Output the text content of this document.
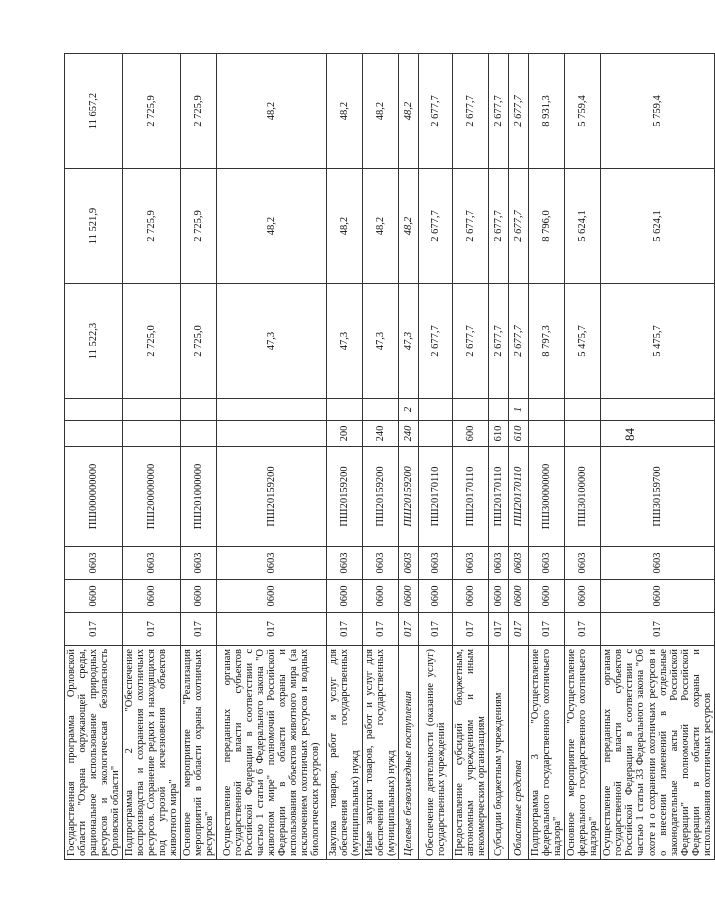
84
Государственная программа Орловской области "Охрана окружающей среды, рациональное использование природных ресурсов и экологическая безопасность Орловской области"	017	0600	0603	ПШ000000000			11 522,3	11 521,9	11 657,2
Подпрограмма 2 "Обеспечение воспроизводства и сохранения охотничьих ресурсов. Сохранение редких и находящихся под угрозой исчезновения объектов животного мира"	017	0600	0603	ПШ200000000			2 725,0	2 725,9	2 725,9
Основное мероприятие "Реализация мероприятий в области охраны охотничьих ресурсов"	017	0600	0603	ПШ201000000			2 725,0	2 725,9	2 725,9
Осуществление переданных органам государственной власти субъектов Российской Федерации в соответствии с частью 1 статьи 6 Федерального закона "О животном мире" полномочий Российской Федерации в области охраны и использования объектов животного мира (за исключением охотничьих ресурсов и водных биологических ресурсов)	017	0600	0603	ПШ20159200			47,3	48,2	48,2
Закупка товаров, работ и услуг для обеспечения государственных (муниципальных) нужд	017	0600	0603	ПШ20159200	200		47,3	48,2	48,2
Иные закупки товаров, работ и услуг для обеспечения государственных (муниципальных) нужд	017	0600	0603	ПШ20159200	240		47,3	48,2	48,2
Целевые безвозмездные поступления	017	0600	0603	ПШ20159200	240	2	47,3	48,2	48,2
Обеспечение деятельности (оказание услуг) государственных учреждений	017	0600	0603	ПШ20170110			2 677,7	2 677,7	2 677,7
Предоставление субсидий бюджетным, автономным учреждениям и иным некоммерческим организациям	017	0600	0603	ПШ20170110	600		2 677,7	2 677,7	2 677,7
Субсидии бюджетным учреждениям	017	0600	0603	ПШ20170110	610		2 677,7	2 677,7	2 677,7
Областные средства	017	0600	0603	ПШ20170110	610	1	2 677,7	2 677,7	2 677,7
Подпрограмма 3 "Осуществление федерального государственного охотничьего надзора"	017	0600	0603	ПШ300000000			8 797,3	8 796,0	8 931,3
Основное мероприятие "Осуществление федерального государственного охотничьего надзора"	017	0600	0603	ПШ30100000			5 475,7	5 624,1	5 759,4
Осуществление переданных органам государственной власти субъектов Российской Федерации в соответствии с частью 1 статьи 33 Федерального закона "Об охоте и о сохранении охотничьих ресурсов и о внесении изменений в отдельные законодательные акты Российской Федерации" полномочий Российской Федерации в области охраны и использования охотничьих ресурсов	017	0600	0603	ПШ30159700			5 475,7	5 624,1	5 759,4
